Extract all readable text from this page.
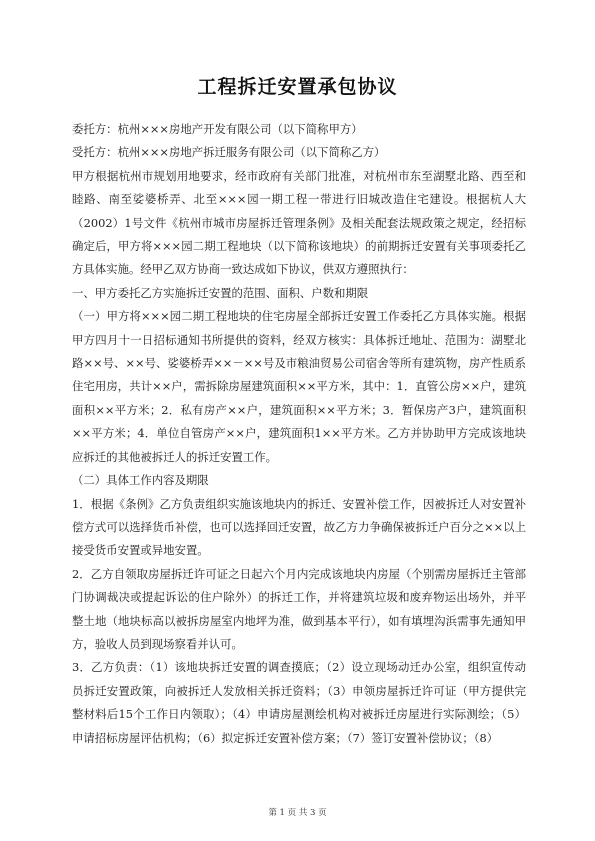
工程拆迁安置承包协议

委托方：杭州×××房地产开发有限公司（以下简称甲方）

受托方：杭州×××房地产拆迁服务有限公司（以下简称乙方）

甲方根据杭州市规划用地要求，经市政府有关部门批准，对杭州市东至湖墅北路、西至和睦路、南至娑婆桥弄、北至×××园一期工程一带进行旧城改造住宅建设。根据杭人大（2002）1号文件《杭州市城市房屋拆迁管理条例》及相关配套法规政策之规定，经招标确定后，甲方将×××园二期工程地块（以下简称该地块）的前期拆迁安置有关事项委托乙方具体实施。经甲乙双方协商一致达成如下协议，供双方遵照执行：

一、甲方委托乙方实施拆迁安置的范围、面积、户数和期限

（一）甲方将×××园二期工程地块的住宅房屋全部拆迁安置工作委托乙方具体实施。根据甲方四月十一日招标通知书所提供的资料，经双方核实：具体拆迁地址、范围为：湖墅北路××号、××号、娑婆桥弄××－××号及市粮油贸易公司宿舍等所有建筑物，房产性质系住宅用房，共计××户，需拆除房屋建筑面积××平方米，其中：1．直管公房××户，建筑面积××平方米；2．私有房产××户，建筑面积××平方米；3．暂保房产3户，建筑面积××平方米；4．单位自管房产××户，建筑面积1××平方米。乙方并协助甲方完成该地块应拆迁的其他被拆迁人的拆迁安置工作。

（二）具体工作内容及期限

1．根据《条例》乙方负责组织实施该地块内的拆迁、安置补偿工作，因被拆迁人对安置补偿方式可以选择货币补偿，也可以选择回迁安置，故乙方力争确保被拆迁户百分之××以上接受货币安置或异地安置。

2．乙方自领取房屋拆迁许可证之日起六个月内完成该地块内房屋（个别需房屋拆迁主管部门协调裁决或提起诉讼的住户除外）的拆迁工作，并将建筑垃圾和废弃物运出场外，并平整土地（地块标高以被拆房屋室内地坪为准，做到基本平行），如有填埋沟浜需事先通知甲方，验收人员到现场察看并认可。

3．乙方负责：（1）该地块拆迁安置的调查摸底；（2）设立现场动迁办公室，组织宣传动员拆迁安置政策，向被拆迁人发放相关拆迁资料；（3）申领房屋拆迁许可证（甲方提供完整材料后15个工作日内领取）；（4）申请房屋测绘机构对被拆迁房屋进行实际测绘；（5）申请招标房屋评估机构；（6）拟定拆迁安置补偿方案；（7）签订安置补偿协议；（8）

第 1 页 共 3 页
